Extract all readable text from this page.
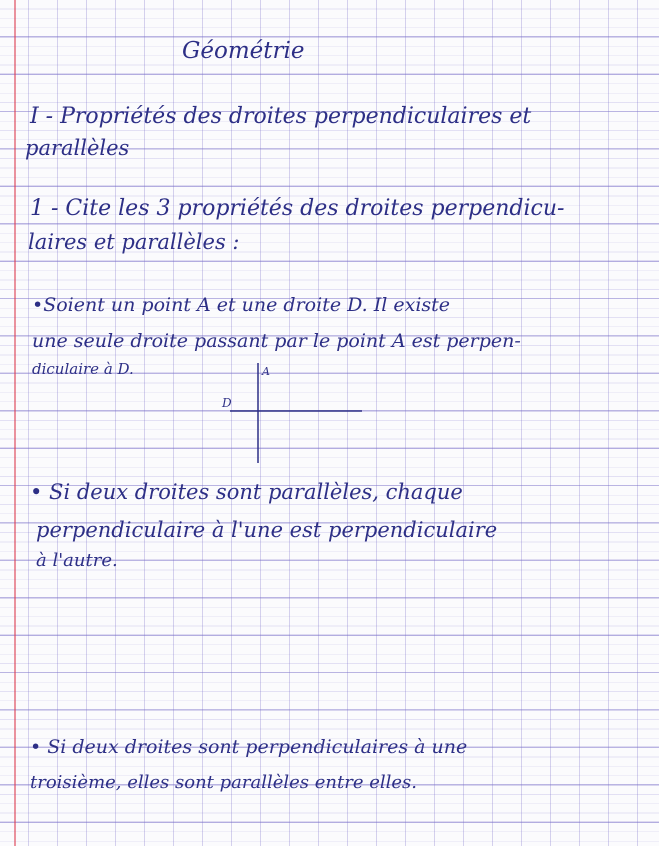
Géométrie
I - Propriétés des droites perpendiculaires et
parallèles
1 - Cite les 3 propriétés des droites perpendicu-
laires et parallèles :
•Soient un point A et une droite D. Il existe
une seule droite passant par le point A est perpen-
diculaire à D.	A
D
• Si deux droites sont parallèles, chaque
perpendiculaire à l'une est perpendiculaire
à l'autre.
• Si deux droites sont perpendiculaires à une
troisième, elles sont parallèles entre elles.
